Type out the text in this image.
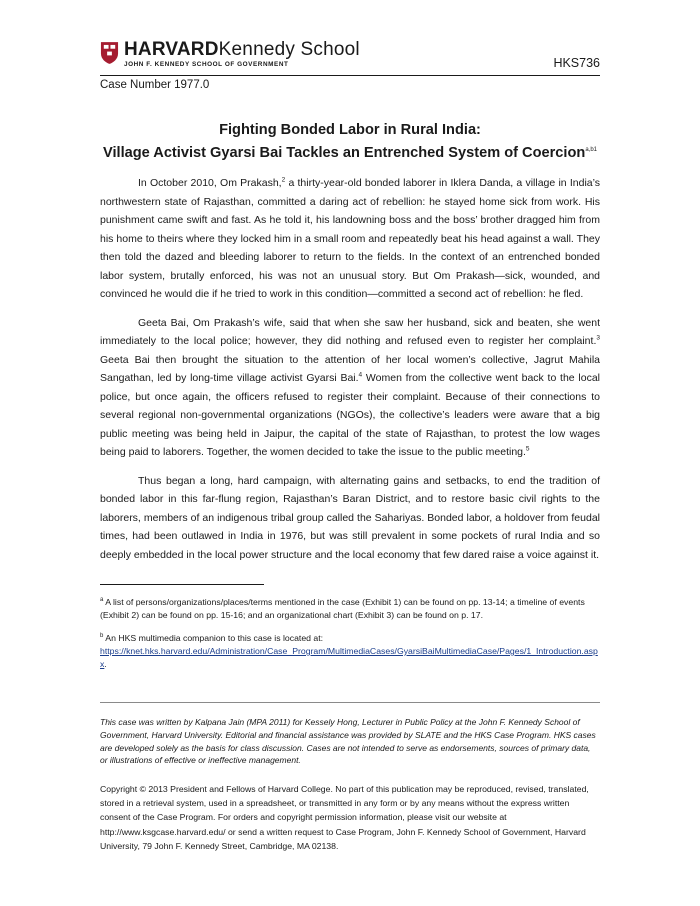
HARVARDKennedy School
JOHN F. KENNEDY SCHOOL OF GOVERNMENT	HKS736
Case Number 1977.0
Fighting Bonded Labor in Rural India:
Village Activist Gyarsi Bai Tackles an Entrenched System of Coercion$^{a,b1}$

In October 2010, Om Prakash,$^2$ a thirty-year-old bonded laborer in Iklera Danda, a village in India’s northwestern state of Rajasthan, committed a daring act of rebellion: he stayed home sick from work. His punishment came swift and fast. As he told it, his landowning boss and the boss’ brother dragged him from his home to theirs where they locked him in a small room and repeatedly beat his head against a wall. They then told the dazed and bleeding laborer to return to the fields. In the context of an entrenched bonded labor system, brutally enforced, his was not an unusual story. But Om Prakash—sick, wounded, and convinced he would die if he tried to work in this condition—committed a second act of rebellion: he fled.

Geeta Bai, Om Prakash’s wife, said that when she saw her husband, sick and beaten, she went immediately to the local police; however, they did nothing and refused even to register her complaint.$^3$ Geeta Bai then brought the situation to the attention of her local women’s collective, Jagrut Mahila Sangathan, led by long-time village activist Gyarsi Bai.$^4$ Women from the collective went back to the local police, but once again, the officers refused to register their complaint. Because of their connections to several regional non-governmental organizations (NGOs), the collective’s leaders were aware that a big public meeting was being held in Jaipur, the capital of the state of Rajasthan, to protest the low wages being paid to laborers. Together, the women decided to take the issue to the public meeting.$^5$

Thus began a long, hard campaign, with alternating gains and setbacks, to end the tradition of bonded labor in this far-flung region, Rajasthan’s Baran District, and to restore basic civil rights to the laborers, members of an indigenous tribal group called the Sahariyas. Bonded labor, a holdover from feudal times, had been outlawed in India in 1976, but was still prevalent in some pockets of rural India and so deeply embedded in the local power structure and the local economy that few dared raise a voice against it.

$^a$ A list of persons/organizations/places/terms mentioned in the case (Exhibit 1) can be found on pp. 13-14; a timeline of events (Exhibit 2) can be found on pp. 15-16; and an organizational chart (Exhibit 3) can be found on p. 17.

$^b$ An HKS multimedia companion to this case is located at:
https://knet.hks.harvard.edu/Administration/Case_Program/MultimediaCases/GyarsiBaiMultimediaCase/Pages/1_Introduction.aspx.

This case was written by Kalpana Jain (MPA 2011) for Kessely Hong, Lecturer in Public Policy at the John F. Kennedy School of Government, Harvard University. Editorial and financial assistance was provided by SLATE and the HKS Case Program. HKS cases are developed solely as the basis for class discussion. Cases are not intended to serve as endorsements, sources of primary data, or illustrations of effective or ineffective management.
Copyright © 2013 President and Fellows of Harvard College. No part of this publication may be reproduced, revised, translated, stored in a retrieval system, used in a spreadsheet, or transmitted in any form or by any means without the express written consent of the Case Program. For orders and copyright permission information, please visit our website at http://www.ksgcase.harvard.edu/ or send a written request to Case Program, John F. Kennedy School of Government, Harvard University, 79 John F. Kennedy Street, Cambridge, MA 02138.
